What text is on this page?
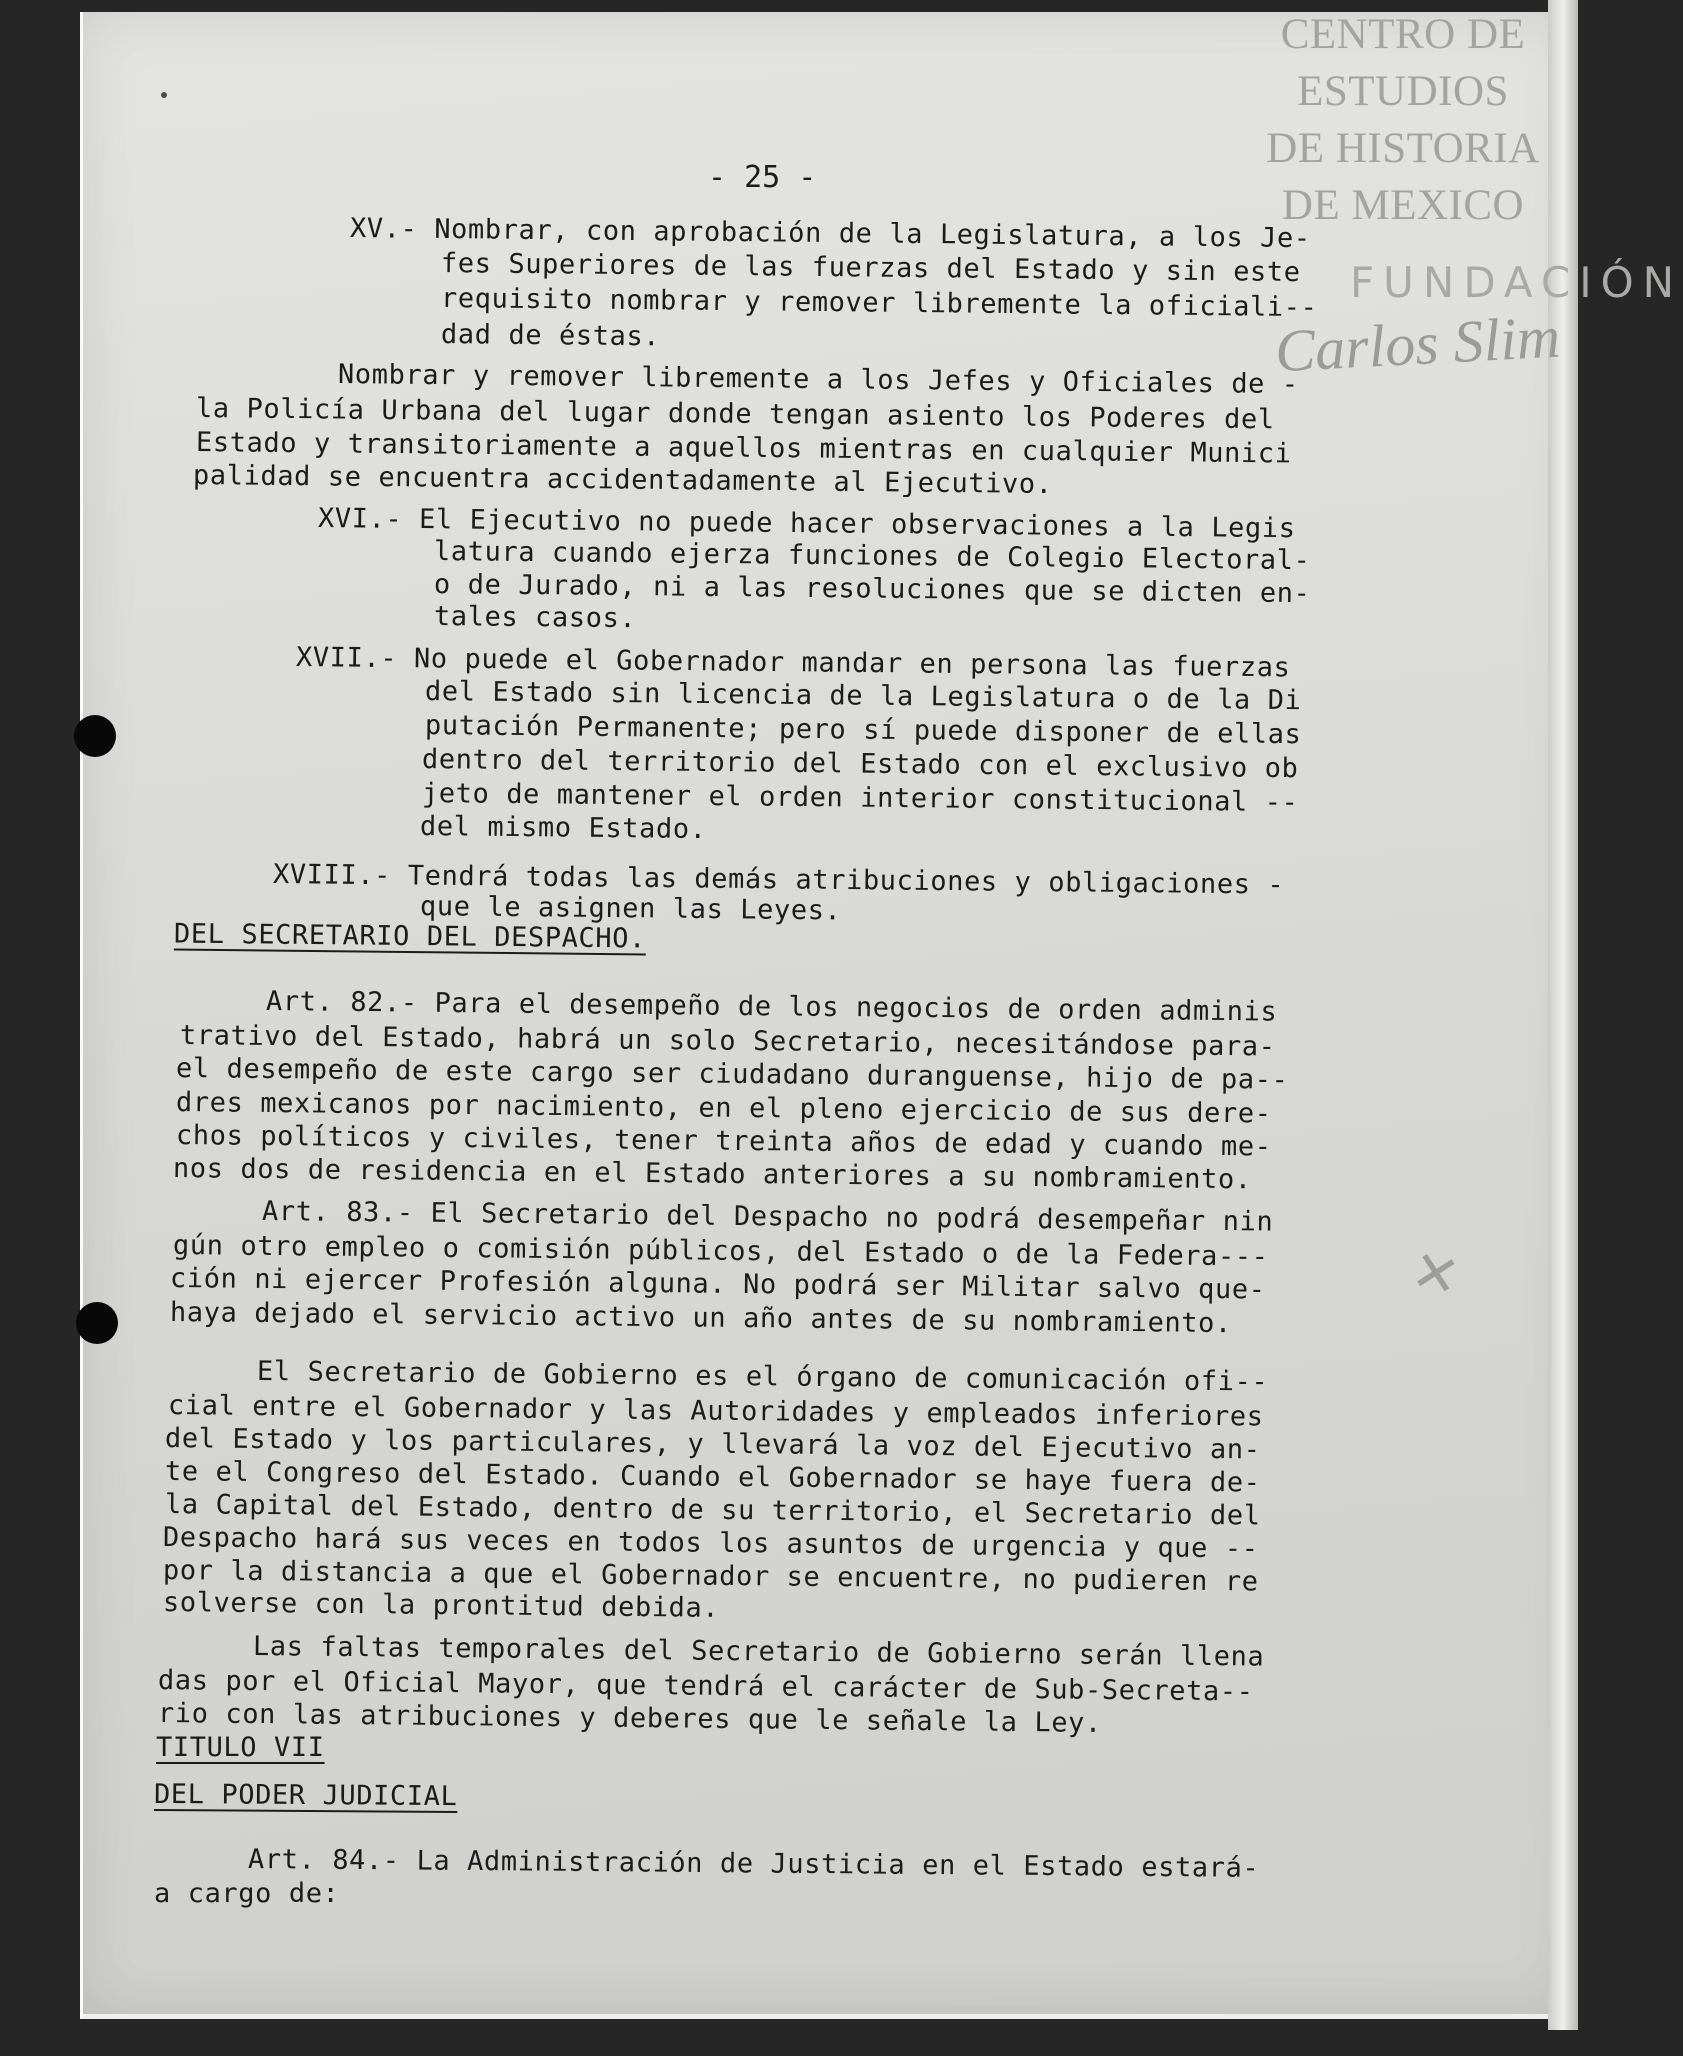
CENTRO DE
ESTUDIOS
DE HISTORIA
DE MEXICO
FUNDACIÓN
Carlos Slim
- 25 -
XV.- Nombrar, con aprobación de la Legislatura, a los Je-
fes Superiores de las fuerzas del Estado y sin este
requisito nombrar y remover libremente la oficiali--
dad de éstas.
Nombrar y remover libremente a los Jefes y Oficiales de -
la Policía Urbana del lugar donde tengan asiento los Poderes del
Estado y transitoriamente a aquellos mientras en cualquier Munici
palidad se encuentra accidentadamente al Ejecutivo.
XVI.- El Ejecutivo no puede hacer observaciones a la Legis
latura cuando ejerza funciones de Colegio Electoral-
o de Jurado, ni a las resoluciones que se dicten en-
tales casos.
XVII.- No puede el Gobernador mandar en persona las fuerzas
del Estado sin licencia de la Legislatura o de la Di
putación Permanente; pero sí puede disponer de ellas
dentro del territorio del Estado con el exclusivo ob
jeto de mantener el orden interior constitucional --
del mismo Estado.
XVIII.- Tendrá todas las demás atribuciones y obligaciones -
que le asignen las Leyes.
DEL SECRETARIO DEL DESPACHO.
Art. 82.- Para el desempeño de los negocios de orden adminis
trativo del Estado, habrá un solo Secretario, necesitándose para-
el desempeño de este cargo ser ciudadano duranguense, hijo de pa--
dres mexicanos por nacimiento, en el pleno ejercicio de sus dere-
chos políticos y civiles, tener treinta años de edad y cuando me-
nos dos de residencia en el Estado anteriores a su nombramiento.
Art. 83.- El Secretario del Despacho no podrá desempeñar nin
gún otro empleo o comisión públicos, del Estado o de la Federa---
ción ni ejercer Profesión alguna. No podrá ser Militar salvo que-
haya dejado el servicio activo un año antes de su nombramiento.
El Secretario de Gobierno es el órgano de comunicación ofi--
cial entre el Gobernador y las Autoridades y empleados inferiores
del Estado y los particulares, y llevará la voz del Ejecutivo an-
te el Congreso del Estado. Cuando el Gobernador se haye fuera de-
la Capital del Estado, dentro de su territorio, el Secretario del
Despacho hará sus veces en todos los asuntos de urgencia y que --
por la distancia a que el Gobernador se encuentre, no pudieren re
solverse con la prontitud debida.
Las faltas temporales del Secretario de Gobierno serán llena
das por el Oficial Mayor, que tendrá el carácter de Sub-Secreta--
rio con las atribuciones y deberes que le señale la Ley.
TITULO VII
DEL PODER JUDICIAL
Art. 84.- La Administración de Justicia en el Estado estará-
a cargo de:
✕
